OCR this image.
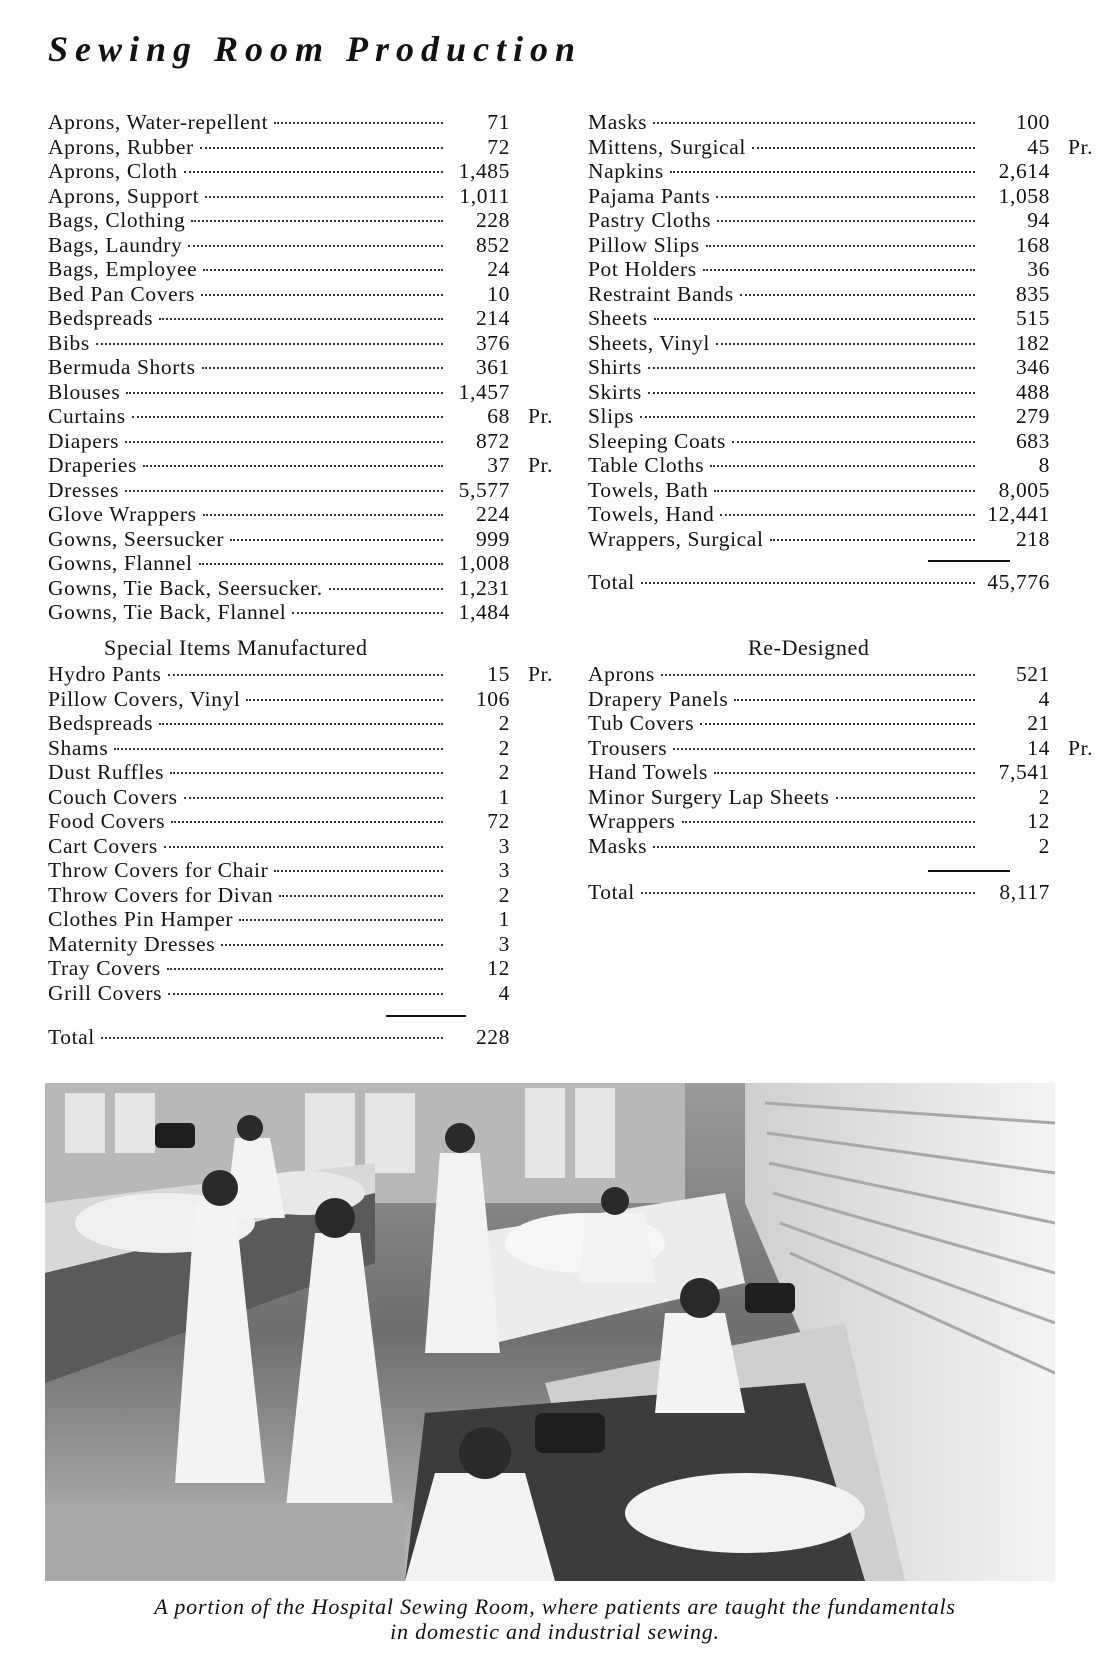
Sewing Room Production
Aprons, Water-repellent	71
Aprons, Rubber	72
Aprons, Cloth	1,485
Aprons, Support	1,011
Bags, Clothing	228
Bags, Laundry	852
Bags, Employee	24
Bed Pan Covers	10
Bedspreads	214
Bibs	376
Bermuda Shorts	361
Blouses	1,457
Curtains	68 Pr.
Diapers	872
Draperies	37 Pr.
Dresses	5,577
Glove Wrappers	224
Gowns, Seersucker	999
Gowns, Flannel	1,008
Gowns, Tie Back, Seersucker.	1,231
Gowns, Tie Back, Flannel	1,484
Masks	100
Mittens, Surgical	45 Pr.
Napkins	2,614
Pajama Pants	1,058
Pastry Cloths	94
Pillow Slips	168
Pot Holders	36
Restraint Bands	835
Sheets	515
Sheets, Vinyl	182
Shirts	346
Skirts	488
Slips	279
Sleeping Coats	683
Table Cloths	8
Towels, Bath	8,005
Towels, Hand	12,441
Wrappers, Surgical	218
Total	45,776
Special Items Manufactured
Hydro Pants	15 Pr.
Pillow Covers, Vinyl	106
Bedspreads	2
Shams	2
Dust Ruffles	2
Couch Covers	1
Food Covers	72
Cart Covers	3
Throw Covers for Chair	3
Throw Covers for Divan	2
Clothes Pin Hamper	1
Maternity Dresses	3
Tray Covers	12
Grill Covers	4
Total	228
Re-Designed
Aprons	521
Drapery Panels	4
Tub Covers	21
Trousers	14 Pr.
Hand Towels	7,541
Minor Surgery Lap Sheets	2
Wrappers	12
Masks	2
Total	8,117
A portion of the Hospital Sewing Room, where patients are taught the fundamentals
in domestic and industrial sewing.
